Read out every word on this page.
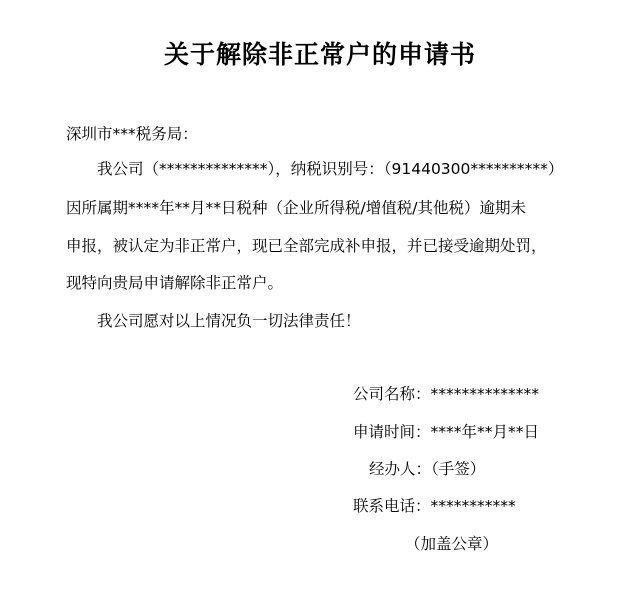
关于解除非正常户的申请书
深圳市***税务局：
我公司（**************），纳税识别号：（91440300**********）
因所属期****年**月**日税种（企业所得税/增值税/其他税）逾期未
申报，被认定为非正常户，现已全部完成补申报，并已接受逾期处罚，
现特向贵局申请解除非正常户。
我公司愿对以上情况负一切法律责任！
公司名称：**************
申请时间：****年**月**日
经办人：（手签）
联系电话：***********
（加盖公章）
